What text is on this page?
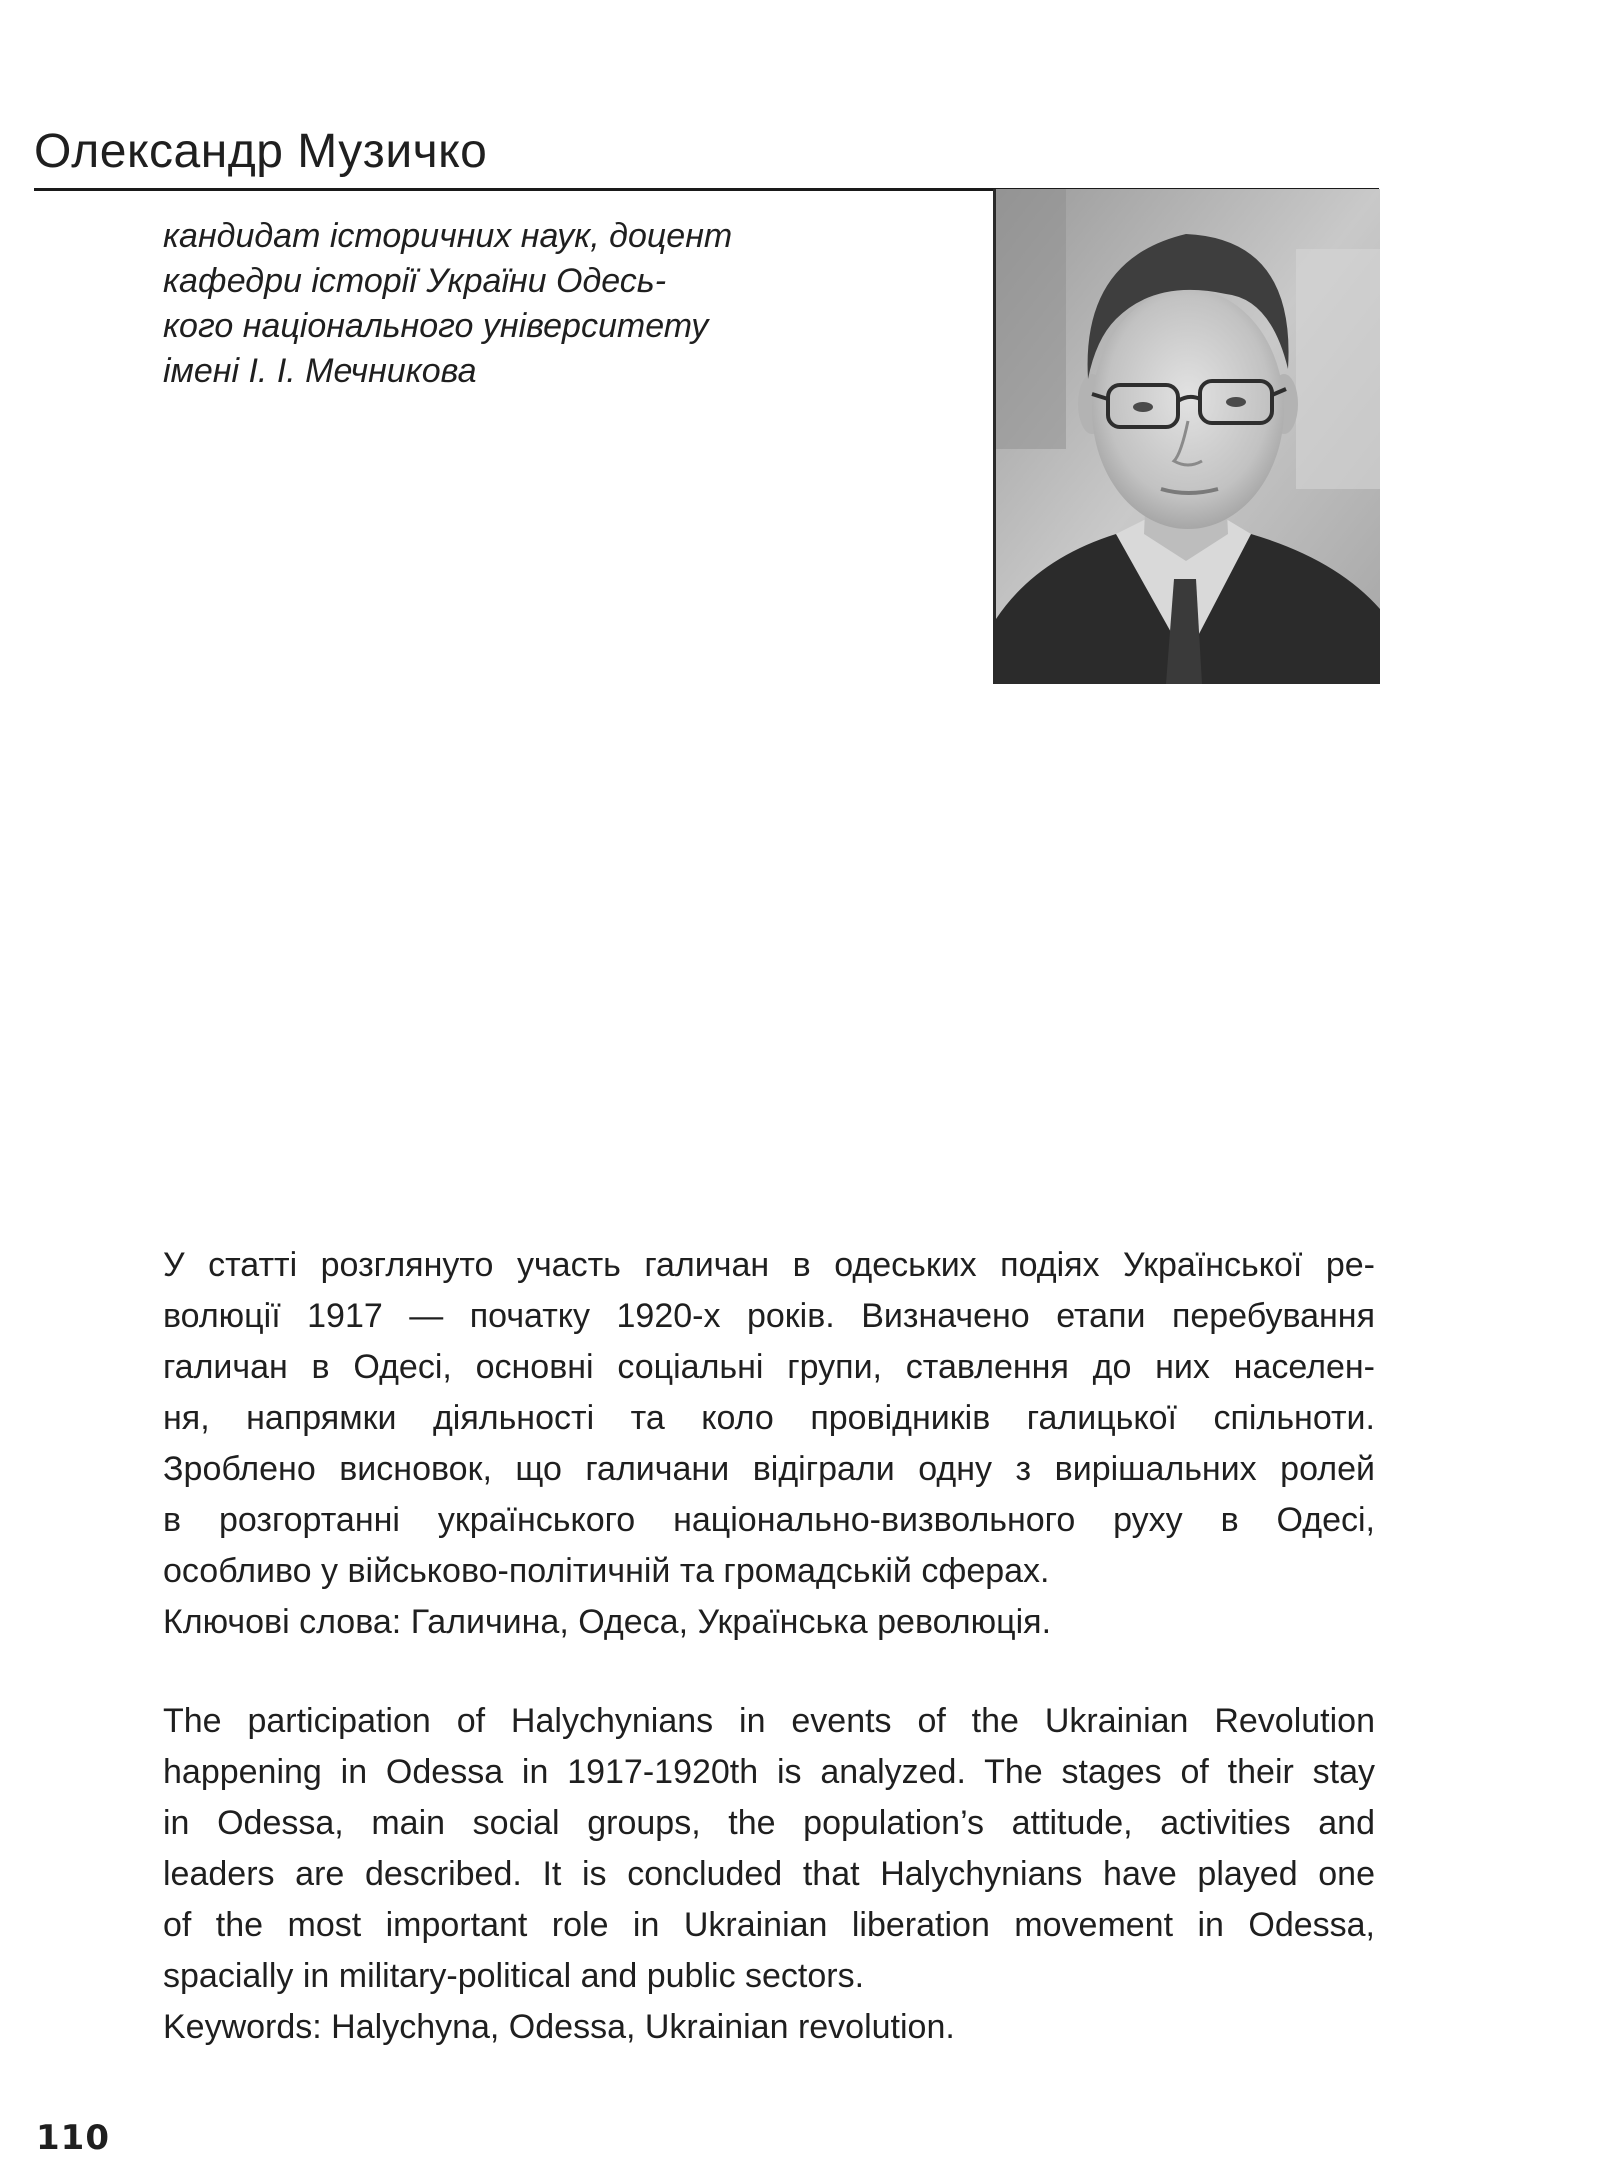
Олександр Музичко
кандидат історичних наук, доцент
кафедри історії України Одесь-
кого національного університету
імені І. І. Мечникова
У статті розглянуто участь галичан в одеських подіях Української ре-
волюції 1917 — початку 1920-х років. Визначено етапи перебування
галичан в Одесі, основні соціальні групи, ставлення до них населен-
ня, напрямки діяльності та коло провідників галицької спільноти.
Зроблено висновок, що галичани відіграли одну з вирішальних ролей
в розгортанні українського національно-визвольного руху в Одесі,
особливо у військово-політичній та громадській сферах.
Ключові слова: Галичина, Одеса, Українська революція.
The participation of Halychynians in events of the Ukrainian Revolution
happening in Odessa in 1917-1920th is analyzed. The stages of their stay
in Odessa, main social groups, the population’s attitude, activities and
leaders are described. It is concluded that Halychynians have played one
of the most important role in Ukrainian liberation movement in Odessa,
spacially in military-political and public sectors.
Keywords: Halychyna, Odessa, Ukrainian revolution.
110
